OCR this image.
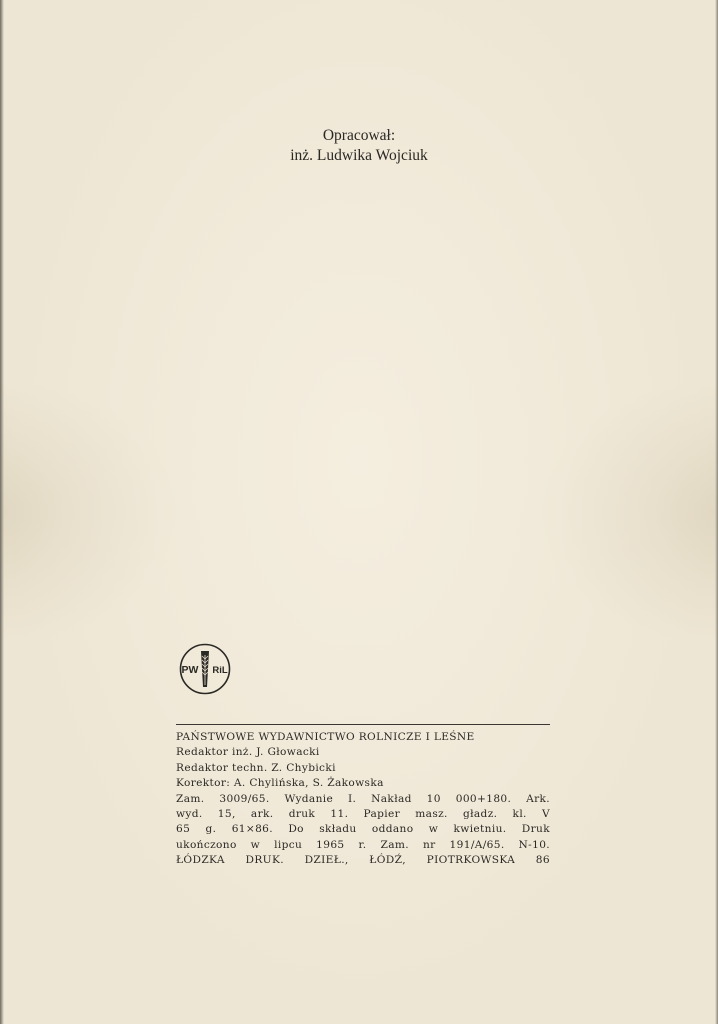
Opracował:
inż. Ludwika Wojciuk
PW RiL
PAŃSTWOWE WYDAWNICTWO ROLNICZE I LEŚNE
Redaktor inż. J. Głowacki
Redaktor techn. Z. Chybicki
Korektor: A. Chylińska, S. Żakowska
Zam. 3009/65. Wydanie I. Nakład 10 000+180. Ark.
wyd. 15, ark. druk 11. Papier masz. gładz. kl. V
65 g. 61×86. Do składu oddano w kwietniu. Druk
ukończono w lipcu 1965 r. Zam. nr 191/A/65. N-10.
ŁÓDZKA DRUK. DZIEŁ., ŁÓDŹ, PIOTRKOWSKA 86
